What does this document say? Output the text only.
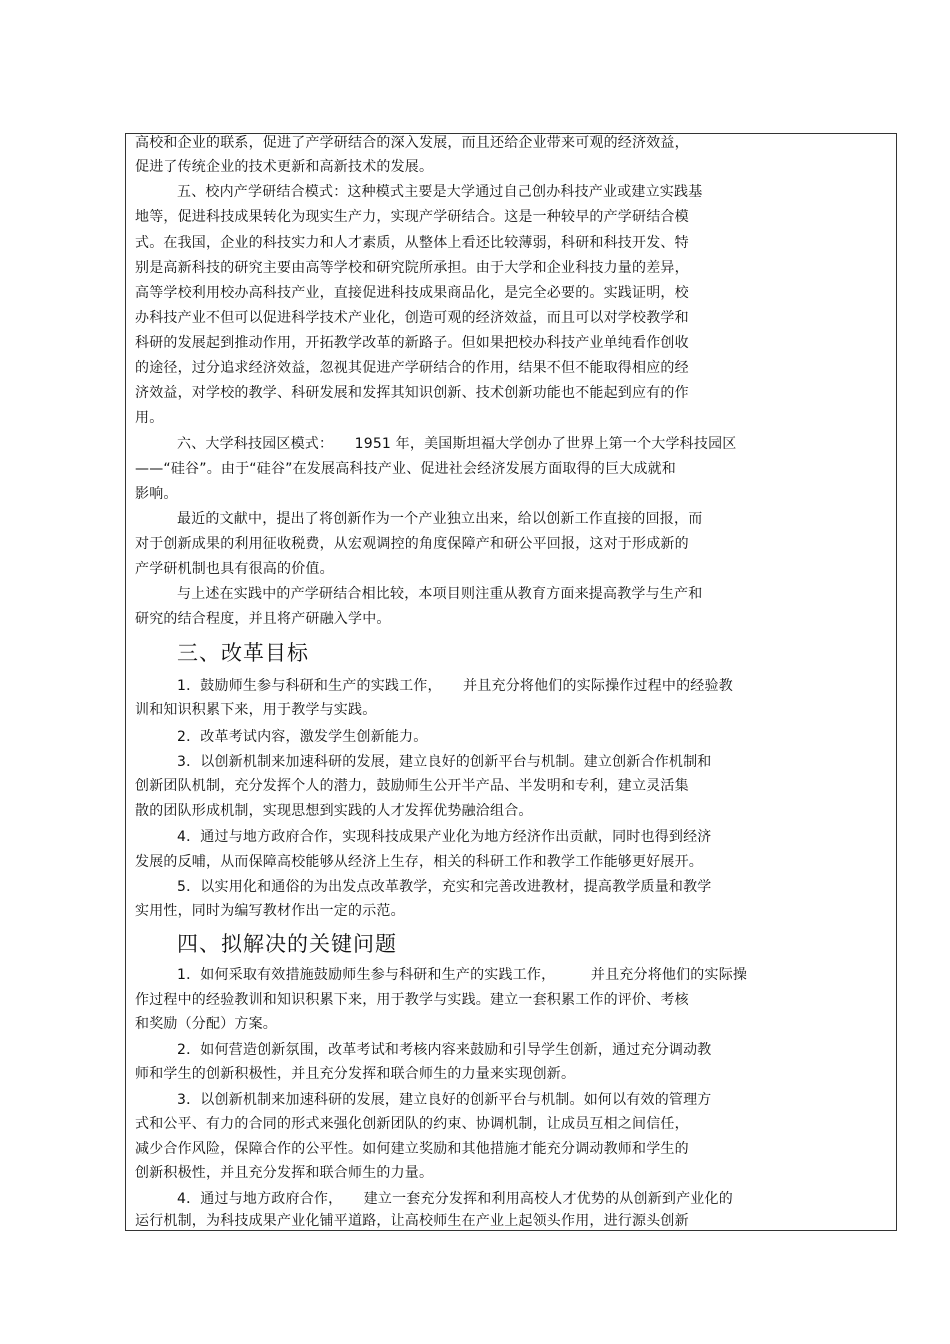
高校和企业的联系，促进了产学研结合的深入发展，而且还给企业带来可观的经济效益，
促进了传统企业的技术更新和高新技术的发展。
五、校内产学研结合模式：这种模式主要是大学通过自己创办科技产业或建立实践基
地等，促进科技成果转化为现实生产力，实现产学研结合。这是一种较早的产学研结合模
式。在我国，企业的科技实力和人才素质，从整体上看还比较薄弱，科研和科技开发、特
别是高新科技的研究主要由高等学校和研究院所承担。由于大学和企业科技力量的差异，
高等学校利用校办高科技产业，直接促进科技成果商品化，是完全必要的。实践证明，校
办科技产业不但可以促进科学技术产业化，创造可观的经济效益，而且可以对学校教学和
科研的发展起到推动作用，开拓教学改革的新路子。但如果把校办科技产业单纯看作创收
的途径，过分追求经济效益，忽视其促进产学研结合的作用，结果不但不能取得相应的经
济效益，对学校的教学、科研发展和发挥其知识创新、技术创新功能也不能起到应有的作
用。
六、大学科技园区模式：　　1951 年，美国斯坦福大学创办了世界上第一个大学科技园区
——“硅谷”。由于“硅谷”在发展高科技产业、促进社会经济发展方面取得的巨大成就和
影响。
最近的文献中，提出了将创新作为一个产业独立出来，给以创新工作直接的回报，而
对于创新成果的利用征收税费，从宏观调控的角度保障产和研公平回报，这对于形成新的
产学研机制也具有很高的价值。
与上述在实践中的产学研结合相比较，本项目则注重从教育方面来提高教学与生产和
研究的结合程度，并且将产研融入学中。
三、改革目标
1．鼓励师生参与科研和生产的实践工作，　　并且充分将他们的实际操作过程中的经验教
训和知识积累下来，用于教学与实践。
2．改革考试内容，激发学生创新能力。
3．以创新机制来加速科研的发展，建立良好的创新平台与机制。建立创新合作机制和
创新团队机制，充分发挥个人的潜力，鼓励师生公开半产品、半发明和专利，建立灵活集
散的团队形成机制，实现思想到实践的人才发挥优势融洽组合。
4．通过与地方政府合作，实现科技成果产业化为地方经济作出贡献，同时也得到经济
发展的反哺，从而保障高校能够从经济上生存，相关的科研工作和教学工作能够更好展开。
5．以实用化和通俗的为出发点改革教学，充实和完善改进教材，提高教学质量和教学
实用性，同时为编写教材作出一定的示范。
四、拟解决的关键问题
1．如何采取有效措施鼓励师生参与科研和生产的实践工作，　　　并且充分将他们的实际操
作过程中的经验教训和知识积累下来，用于教学与实践。建立一套积累工作的评价、考核
和奖励（分配）方案。
2．如何营造创新氛围，改革考试和考核内容来鼓励和引导学生创新，通过充分调动教
师和学生的创新积极性，并且充分发挥和联合师生的力量来实现创新。
3．以创新机制来加速科研的发展，建立良好的创新平台与机制。如何以有效的管理方
式和公平、有力的合同的形式来强化创新团队的约束、协调机制，让成员互相之间信任，
减少合作风险，保障合作的公平性。如何建立奖励和其他措施才能充分调动教师和学生的
创新积极性，并且充分发挥和联合师生的力量。
4．通过与地方政府合作，　　建立一套充分发挥和利用高校人才优势的从创新到产业化的
运行机制，为科技成果产业化铺平道路，让高校师生在产业上起领头作用，进行源头创新
